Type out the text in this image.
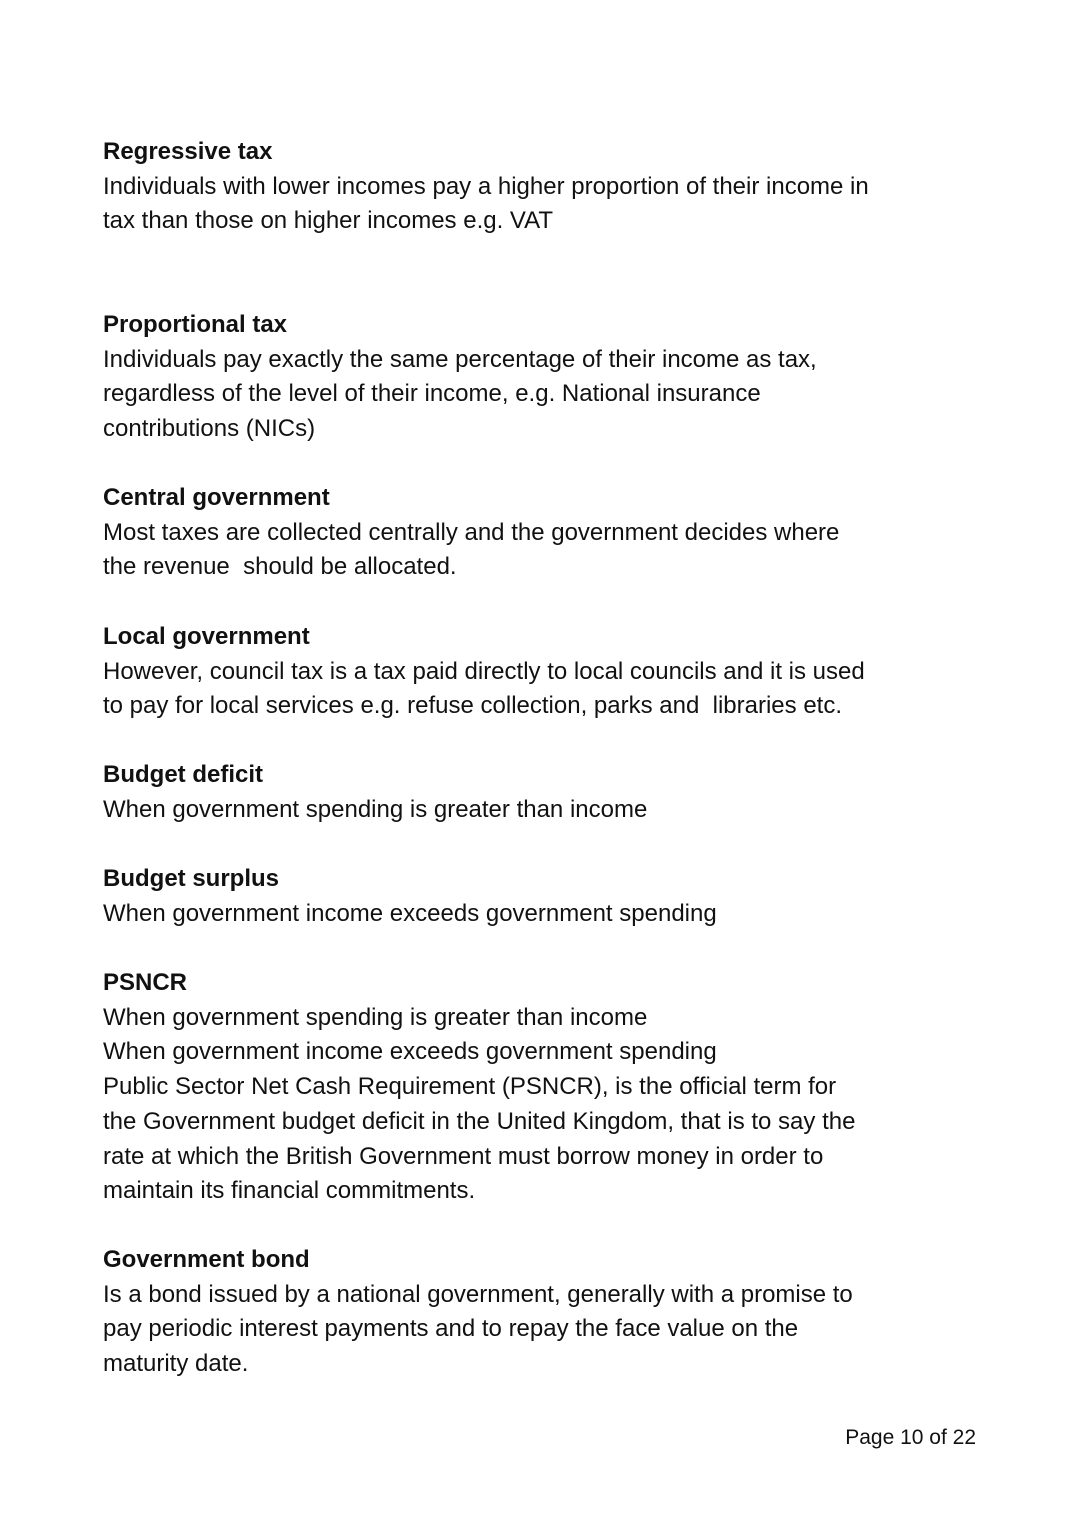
Regressive tax

Individuals with lower incomes pay a higher proportion of their income in
tax than those on higher incomes e.g. VAT

Proportional tax

Individuals pay exactly the same percentage of their income as tax,
regardless of the level of their income, e.g. National insurance
contributions (NICs)

Central government

Most taxes are collected centrally and the government decides where
the revenue  should be allocated.

Local government

However, council tax is a tax paid directly to local councils and it is used
to pay for local services e.g. refuse collection, parks and  libraries etc.

Budget deficit

When government spending is greater than income

Budget surplus

When government income exceeds government spending

PSNCR

When government spending is greater than income
When government income exceeds government spending
Public Sector Net Cash Requirement (PSNCR), is the official term for
the Government budget deficit in the United Kingdom, that is to say the
rate at which the British Government must borrow money in order to
maintain its financial commitments.

Government bond

Is a bond issued by a national government, generally with a promise to
pay periodic interest payments and to repay the face value on the
maturity date.

Page 10 of 22
